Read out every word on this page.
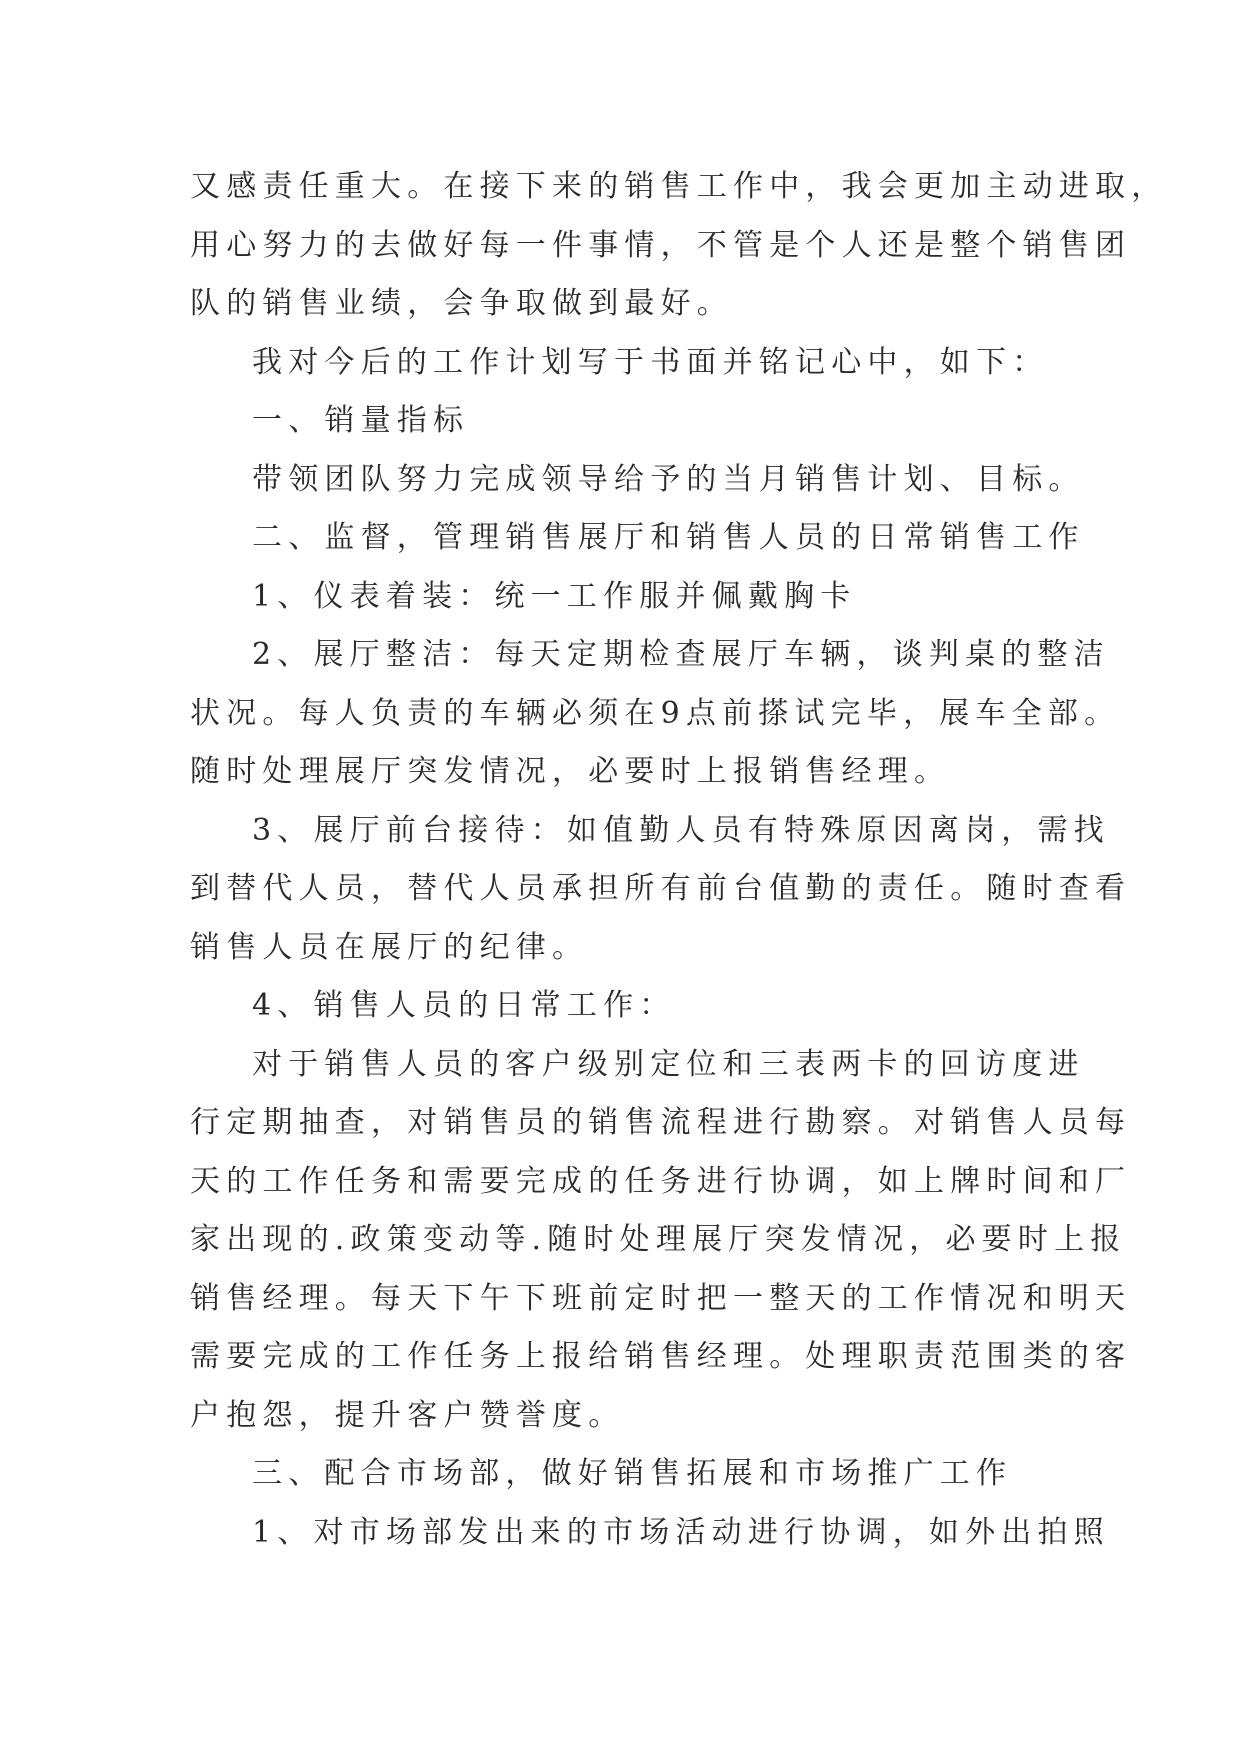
又感责任重大。在接下来的销售工作中，我会更加主动进取，

用心努力的去做好每一件事情，不管是个人还是整个销售团

队的销售业绩，会争取做到最好。

我对今后的工作计划写于书面并铭记心中，如下：

一、销量指标

带领团队努力完成领导给予的当月销售计划、目标。

二、监督，管理销售展厅和销售人员的日常销售工作

1、仪表着装：统一工作服并佩戴胸卡

2、展厅整洁：每天定期检查展厅车辆，谈判桌的整洁

状况。每人负责的车辆必须在9点前搽试完毕，展车全部。

随时处理展厅突发情况，必要时上报销售经理。

3、展厅前台接待：如值勤人员有特殊原因离岗，需找

到替代人员，替代人员承担所有前台值勤的责任。随时查看

销售人员在展厅的纪律。

4、销售人员的日常工作：

对于销售人员的客户级别定位和三表两卡的回访度进

行定期抽查，对销售员的销售流程进行勘察。对销售人员每

天的工作任务和需要完成的任务进行协调，如上牌时间和厂

家出现的.政策变动等.随时处理展厅突发情况，必要时上报

销售经理。每天下午下班前定时把一整天的工作情况和明天

需要完成的工作任务上报给销售经理。处理职责范围类的客

户抱怨，提升客户赞誉度。

三、配合市场部，做好销售拓展和市场推广工作

1、对市场部发出来的市场活动进行协调，如外出拍照
